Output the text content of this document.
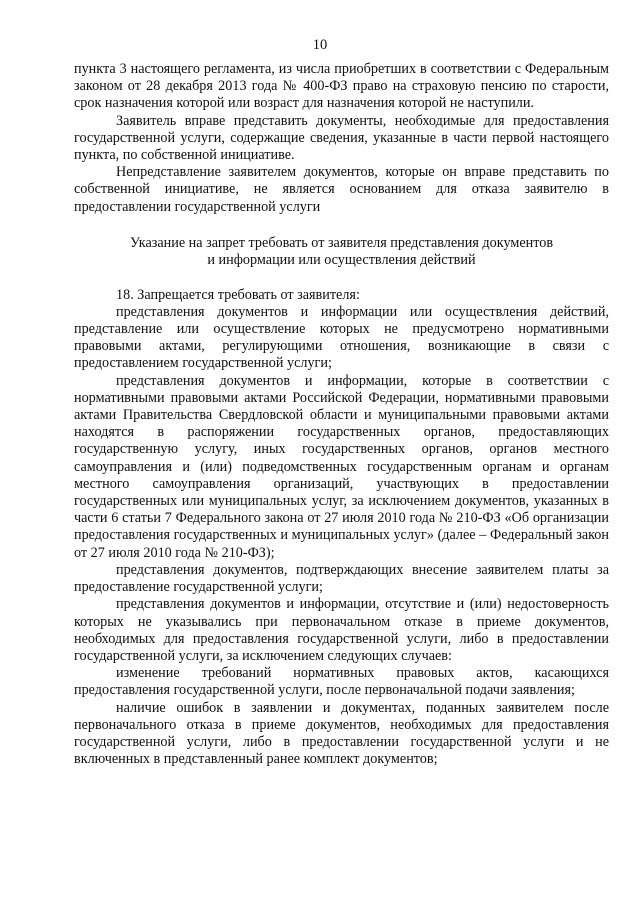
10

пункта 3 настоящего регламента, из числа приобретших в соответствии с Федеральным законом от 28 декабря 2013 года № 400-ФЗ право на страховую пенсию по старости, срок назначения которой или возраст для назначения которой не наступили.

Заявитель вправе представить документы, необходимые для предоставления государственной услуги, содержащие сведения, указанные в части первой настоящего пункта, по собственной инициативе.

Непредставление заявителем документов, которые он вправе представить по собственной инициативе, не является основанием для отказа заявителю в предоставлении государственной услуги

Указание на запрет требовать от заявителя представления документов
и информации или осуществления действий

18. Запрещается требовать от заявителя:

представления документов и информации или осуществления действий, представление или осуществление которых не предусмотрено нормативными правовыми актами, регулирующими отношения, возникающие в связи с предоставлением государственной услуги;

представления документов и информации, которые в соответствии с нормативными правовыми актами Российской Федерации, нормативными правовыми актами Правительства Свердловской области и муниципальными правовыми актами находятся в распоряжении государственных органов, предоставляющих государственную услугу, иных государственных органов, органов местного самоуправления и (или) подведомственных государственным органам и органам местного самоуправления организаций, участвующих в предоставлении государственных или муниципальных услуг, за исключением документов, указанных в части 6 статьи 7 Федерального закона от 27 июля 2010 года № 210-ФЗ «Об организации предоставления государственных и муниципальных услуг» (далее – Федеральный закон от 27 июля 2010 года № 210-ФЗ);

представления документов, подтверждающих внесение заявителем платы за предоставление государственной услуги;

представления документов и информации, отсутствие и (или) недостоверность которых не указывались при первоначальном отказе в приеме документов, необходимых для предоставления государственной услуги, либо в предоставлении государственной услуги, за исключением следующих случаев:

изменение требований нормативных правовых актов, касающихся предоставления государственной услуги, после первоначальной подачи заявления;

наличие ошибок в заявлении и документах, поданных заявителем после первоначального отказа в приеме документов, необходимых для предоставления государственной услуги, либо в предоставлении государственной услуги и не включенных в представленный ранее комплект документов;
